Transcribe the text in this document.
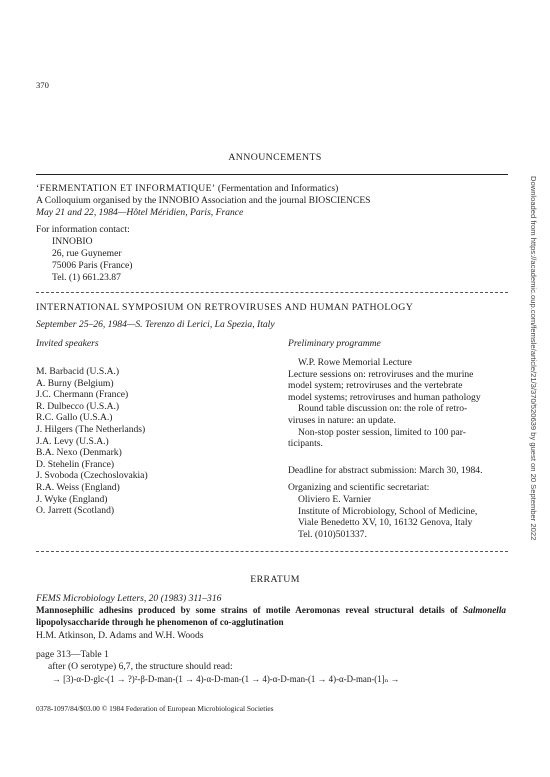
370
ANNOUNCEMENTS
‘FERMENTATION ET INFORMATIQUE’ (Fermentation and Informatics)
A Colloquium organised by the INNOBIO Association and the journal BIOSCIENCES
May 21 and 22, 1984—Hôtel Méridien, Paris, France
For information contact:
INNOBIO
26, rue Guynemer
75006 Paris (France)
Tel. (1) 661.23.87
INTERNATIONAL SYMPOSIUM ON RETROVIRUSES AND HUMAN PATHOLOGY
September 25–26, 1984—S. Terenzo di Lerici, La Spezia, Italy
Invited speakers	Preliminary programme
M. Barbacid (U.S.A.)
A. Burny (Belgium)
J.C. Chermann (France)
R. Dulbecco (U.S.A.)
R.C. Gallo (U.S.A.)
J. Hilgers (The Netherlands)
J.A. Levy (U.S.A.)
B.A. Nexo (Denmark)
D. Stehelin (France)
J. Svoboda (Czechoslovakia)
R.A. Weiss (England)
J. Wyke (England)
O. Jarrett (Scotland)
W.P. Rowe Memorial Lecture
Lecture sessions on: retroviruses and the murine
model system; retroviruses and the vertebrate
model systems; retroviruses and human pathology
Round table discussion on: the role of retro-
viruses in nature: an update.
Non-stop poster session, limited to 100 par-
ticipants.
Deadline for abstract submission: March 30, 1984.
Organizing and scientific secretariat:
Oliviero E. Varnier
Institute of Microbiology, School of Medicine,
Viale Benedetto XV, 10, 16132 Genova, Italy
Tel. (010)501337.
ERRATUM
FEMS Microbiology Letters, 20 (1983) 311–316
Mannosephilic adhesins produced by some strains of motile Aeromonas reveal structural details of Salmonella lipopolysaccharide through he phenomenon of co-agglutination
H.M. Atkinson, D. Adams and W.H. Woods
page 313—Table 1
after (O serotype) 6,7, the structure should read:
→ [3)-α-D-glc-(1 → ?)²-β-D-man-(1 → 4)-α-D-man-(1 → 4)-α-D-man-(1 → 4)-α-D-man-(1]ₙ →
0378-1097/84/$03.00 © 1984 Federation of European Microbiological Societies
Downloaded from https://academic.oup.com/femsle/article/21/3/370/520639 by guest on 20 September 2022
